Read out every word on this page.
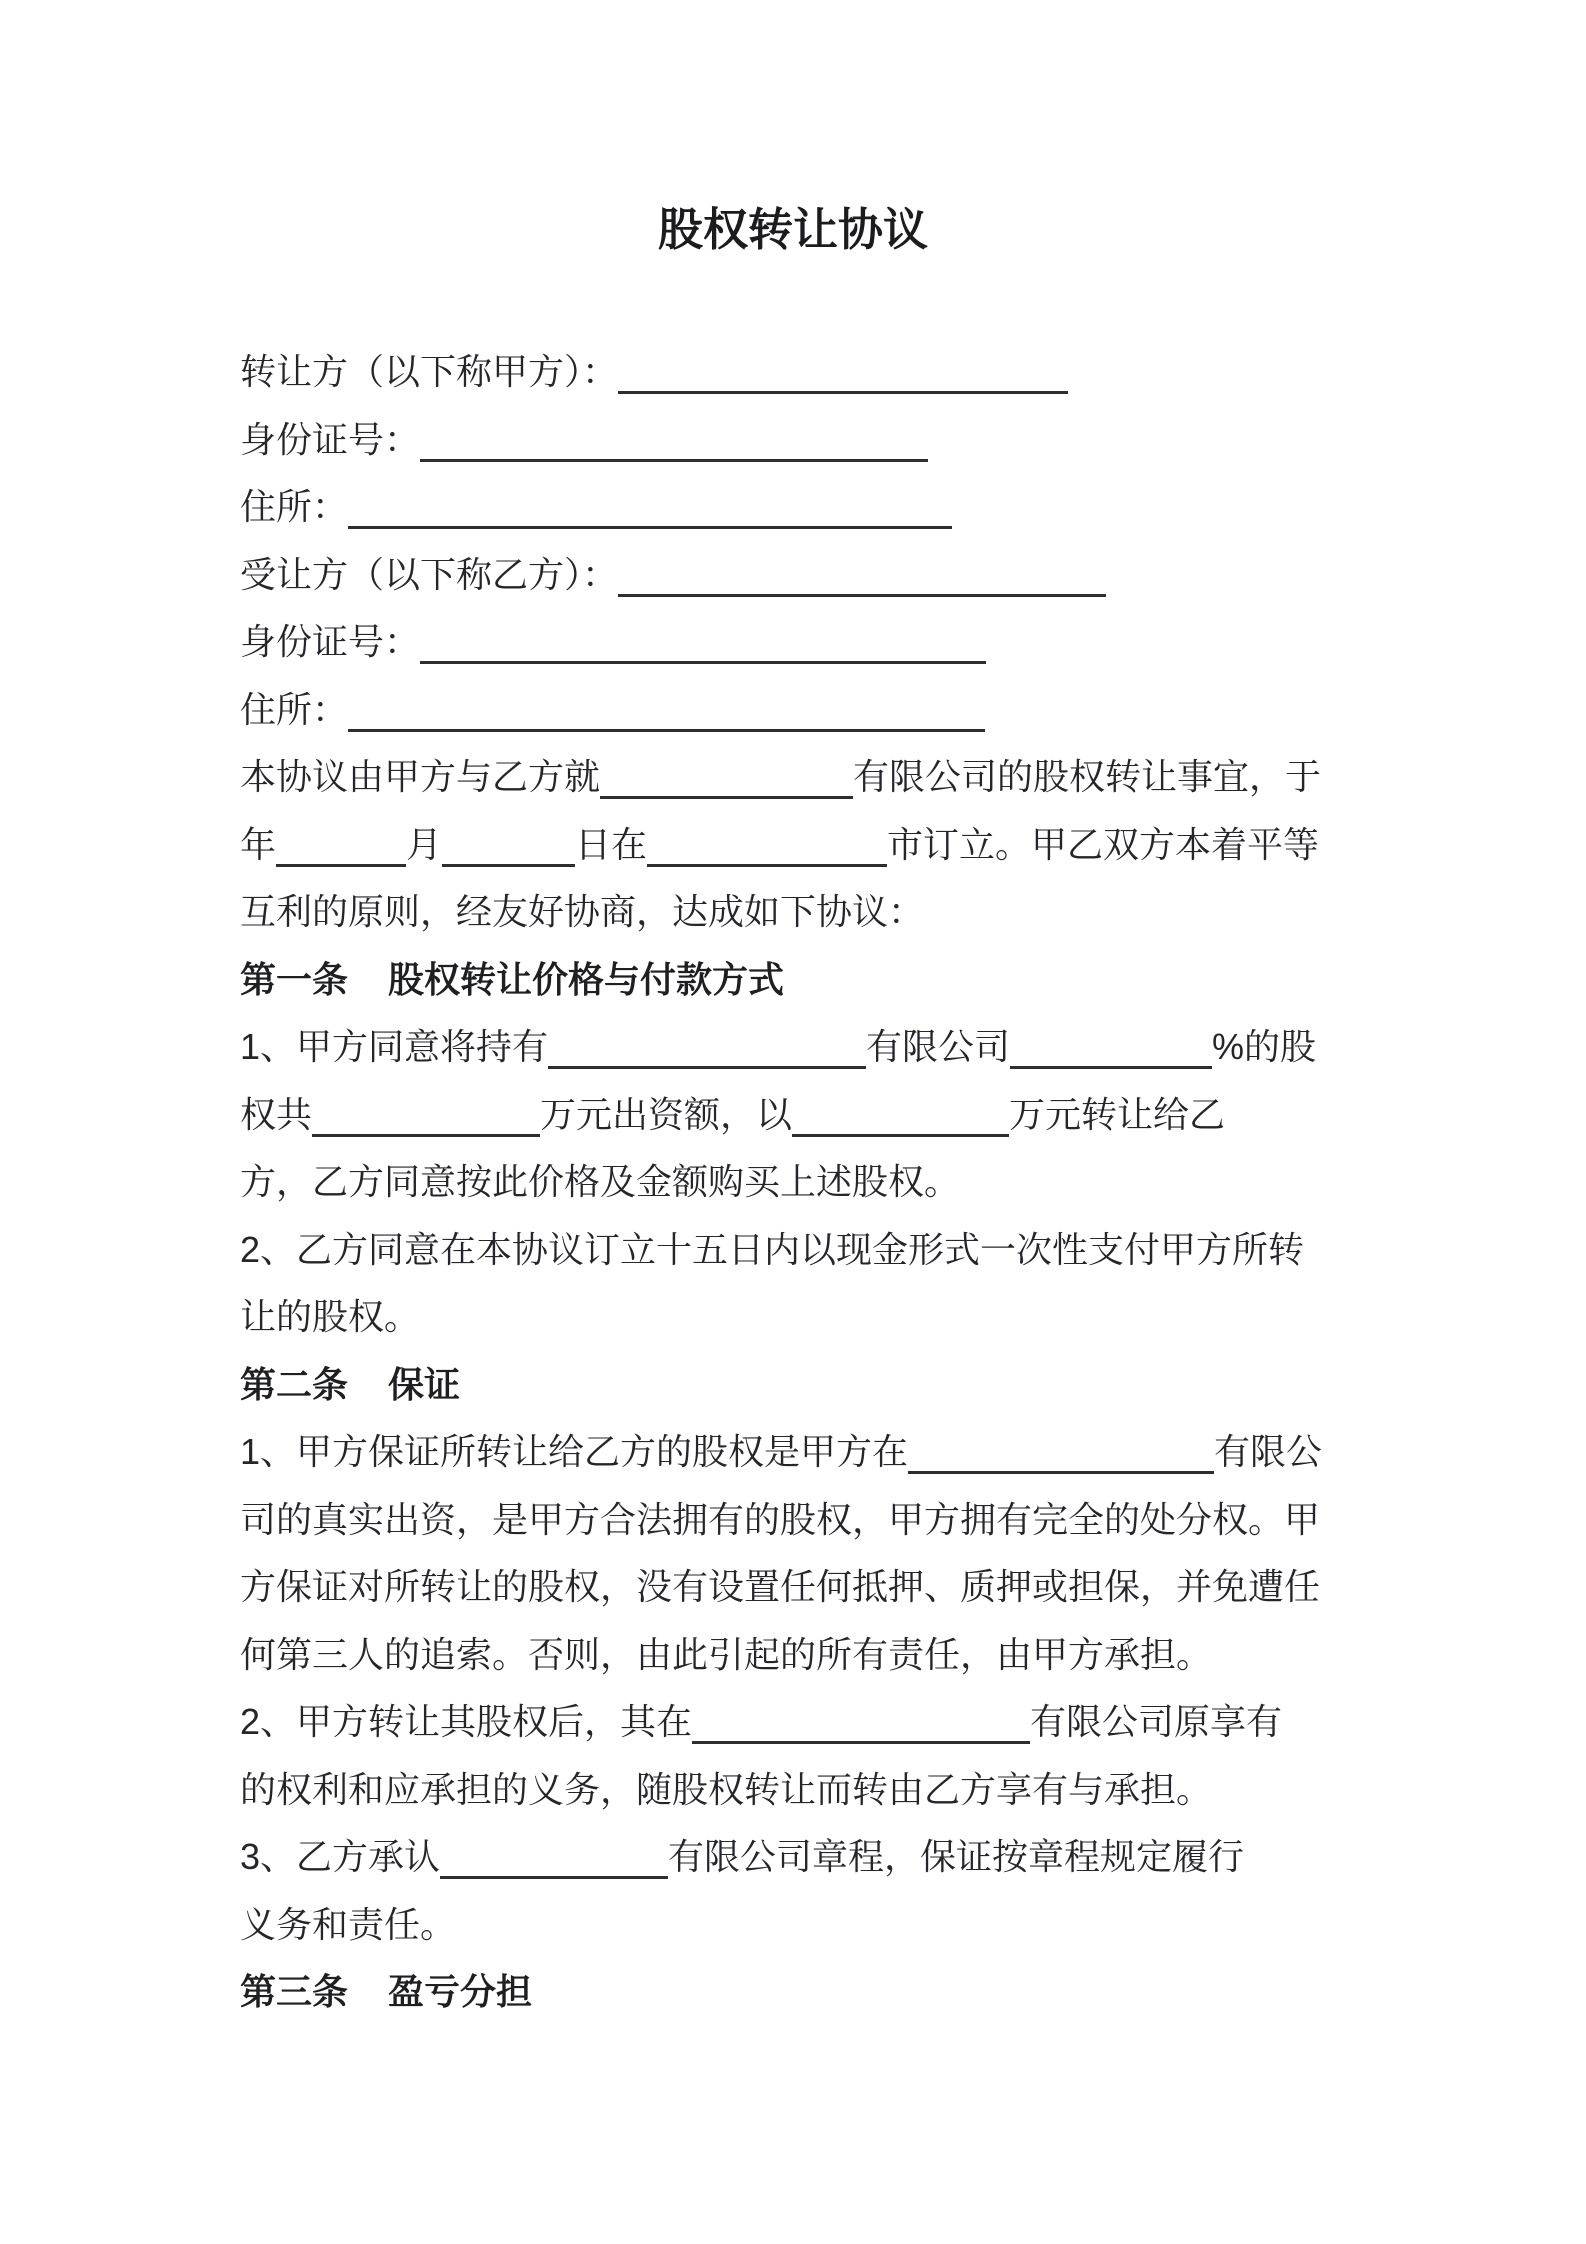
股权转让协议
转让方（以下称甲方）：
身份证号：
住所：
受让方（以下称乙方）：
身份证号：
住所：
本协议由甲方与乙方就	有限公司的股权转让事宜，于
年	月	日在	市订立。甲乙双方本着平等
互利的原则，经友好协商，达成如下协议：
第一条 股权转让价格与付款方式
1、甲方同意将持有	有限公司	%的股
权共	万元出资额，以	万元转让给乙
方，乙方同意按此价格及金额购买上述股权。
2、乙方同意在本协议订立十五日内以现金形式一次性支付甲方所转
让的股权。
第二条 保证
1、甲方保证所转让给乙方的股权是甲方在	有限公
司的真实出资，是甲方合法拥有的股权，甲方拥有完全的处分权。甲
方保证对所转让的股权，没有设置任何抵押、质押或担保，并免遭任
何第三人的追索。否则，由此引起的所有责任，由甲方承担。
2、甲方转让其股权后，其在	有限公司原享有
的权利和应承担的义务，随股权转让而转由乙方享有与承担。
3、乙方承认	有限公司章程，保证按章程规定履行
义务和责任。
第三条 盈亏分担
